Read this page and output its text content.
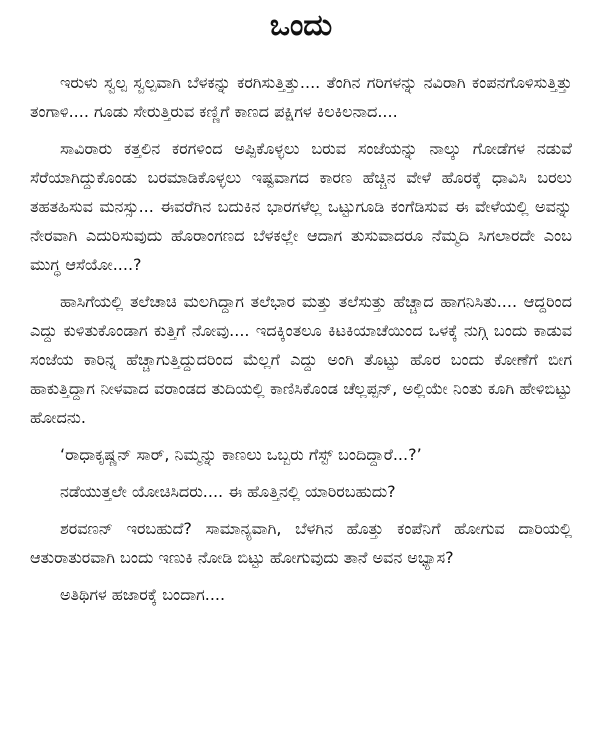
ಒಂದು

ಇರುಳು ಸ್ವಲ್ಪ ಸ್ವಲ್ಪವಾಗಿ ಬೆಳಕನ್ನು ಕರಗಿಸುತ್ತಿತ್ತು.... ತೆಂಗಿನ ಗರಿಗಳನ್ನು ನವಿರಾಗಿ ಕಂಪನಗೊಳಿಸುತ್ತಿತ್ತು ತಂಗಾಳಿ.... ಗೂಡು ಸೇರುತ್ತಿರುವ ಕಣ್ಣಿಗೆ ಕಾಣದ ಪಕ್ಷಿಗಳ ಕಿಲಕಿಲನಾದ....

ಸಾವಿರಾರು ಕತ್ತಲಿನ ಕರಗಳಿಂದ ಅಪ್ಪಿಕೊಳ್ಳಲು ಬರುವ ಸಂಜೆಯನ್ನು ನಾಲ್ಕು ಗೋಡೆಗಳ ನಡುವೆ ಸೆರೆಯಾಗಿದ್ದುಕೊಂಡು ಬರಮಾಡಿಕೊಳ್ಳಲು ಇಷ್ಟವಾಗದ ಕಾರಣ ಹೆಚ್ಚಿನ ವೇಳೆ ಹೊರಕ್ಕೆ ಧಾವಿಸಿ ಬರಲು ತಹತಹಿಸುವ ಮನಸ್ಸು... ಈವರೆಗಿನ ಬದುಕಿನ ಭಾರಗಳೆಲ್ಲ ಒಟ್ಟುಗೂಡಿ ಕಂಗೆಡಿಸುವ ಈ ವೇಳೆಯಲ್ಲಿ ಅವನ್ನು ನೇರವಾಗಿ ಎದುರಿಸುವುದು ಹೊರಾಂಗಣದ ಬೆಳಕಲ್ಲೇ ಆದಾಗ ತುಸುವಾದರೂ ನೆಮ್ಮದಿ ಸಿಗಲಾರದೇ ಎಂಬ ಮುಗ್ಧ ಆಸೆಯೋ....?

ಹಾಸಿಗೆಯಲ್ಲಿ ತಲೆಚಾಚಿ ಮಲಗಿದ್ದಾಗ ತಲೆಭಾರ ಮತ್ತು ತಲೆಸುತ್ತು ಹೆಚ್ಚಾದ ಹಾಗನಿಸಿತು.... ಆದ್ದರಿಂದ ಎದ್ದು ಕುಳಿತುಕೊಂಡಾಗ ಕುತ್ತಿಗೆ ನೋವು.... ಇದಕ್ಕಿಂತಲೂ ಕಿಟಕಿಯಾಚೆಯಿಂದ ಒಳಕ್ಕೆ ನುಗ್ಗಿ ಬಂದು ಕಾಡುವ ಸಂಜೆಯ ಕಾರಿನ್ನ ಹೆಚ್ಚಾಗುತ್ತಿದ್ದುದರಿಂದ ಮೆಲ್ಲಗೆ ಎದ್ದು ಅಂಗಿ ತೊಟ್ಟು ಹೊರ ಬಂದು ಕೋಣೆಗೆ ಬೀಗ ಹಾಕುತ್ತಿದ್ದಾಗ ನೀಳವಾದ ವರಾಂಡದ ತುದಿಯಲ್ಲಿ ಕಾಣಿಸಿಕೊಂಡ ಚೆಲ್ಲಪ್ಪನ್, ಅಲ್ಲಿಯೇ ನಿಂತು ಕೂಗಿ ಹೇಳಿಬಿಟ್ಟು ಹೋದನು.

‘ರಾಧಾಕೃಷ್ಣನ್ ಸಾರ್, ನಿಮ್ಮನ್ನು ಕಾಣಲು ಒಬ್ಬರು ಗೆಸ್ಟ್ ಬಂದಿದ್ದಾರೆ...?’

ನಡೆಯುತ್ತಲೇ ಯೋಚಿಸಿದರು.... ಈ ಹೊತ್ತಿನಲ್ಲಿ ಯಾರಿರಬಹುದು?

ಶರವಣನ್ ಇರಬಹುದೆ? ಸಾಮಾನ್ಯವಾಗಿ, ಬೆಳಗಿನ ಹೊತ್ತು ಕಂಪೆನಿಗೆ ಹೋಗುವ ದಾರಿಯಲ್ಲಿ ಆತುರಾತುರವಾಗಿ ಬಂದು ಇಣುಕಿ ನೋಡಿ ಬಿಟ್ಟು ಹೋಗುವುದು ತಾನೆ ಅವನ ಅಭ್ಯಾಸ?

ಅತಿಥಿಗಳ ಹಜಾರಕ್ಕೆ ಬಂದಾಗ....
